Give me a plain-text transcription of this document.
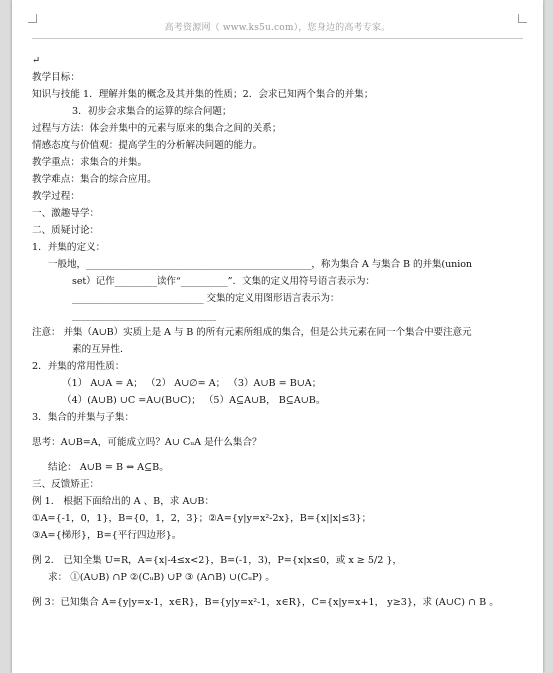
高考资源网（ www.ks5u.com），您身边的高考专家。
↵
教学目标：
知识与技能 1．理解并集的概念及其并集的性质；2．会求已知两个集合的并集；
3．初步会求集合的运算的综合问题；
过程与方法：体会并集中的元素与原来的集合之间的关系；
情感态度与价值观：提高学生的分析解决问题的能力。
教学重点：求集合的并集。
教学难点：集合的综合应用。
教学过程：
一、激趣导学：
二、质疑讨论：
1．并集的定义：
一般地，________________________________________________，称为集合 A 与集合 B 的并集(union
set）记作_________读作“__________”．文集的定义用符号语言表示为：
____________________________ 交集的定义用图形语言表示为：
______________________________
注意： 并集（A∪B）实质上是 A 与 B 的所有元素所组成的集合，但是公共元素在同一个集合中要注意元
素的互异性．
2．并集的常用性质：
（1） A∪A = A； （2） A∪∅= A； （3）A∪B = B∪A；
（4）(A∪B) ∪C =A∪(B∪C)； （5）A⊆A∪B， B⊆A∪B。
3．集合的并集与子集：
思考：A∪B=A，可能成立吗？A∪ CᵤA 是什么集合？
结论： A∪B = B ⇔ A⊆B。
三、反馈矫正：
例 1． 根据下面给出的 A 、B，求 A∪B：
①A={-1，0，1}，B={0，1，2，3}；②A={y|y=x²-2x}，B={x||x|≤3}；
③A={梯形}，B={平行四边形}。
例 2． 已知全集 U=R，A={x|-4≤x<2}，B=(-1，3)，P={x|x≤0，或 x ≥ 5/2 }，
求： ①(A∪B) ∩P ②(CᵤB) ∪P ③ (A∩B) ∪(CᵤP) 。
例 3：已知集合 A={y|y=x-1，x∈R}，B={y|y=x²-1，x∈R}，C={x|y=x+1， y≥3}，求 (A∪C) ∩ B 。
